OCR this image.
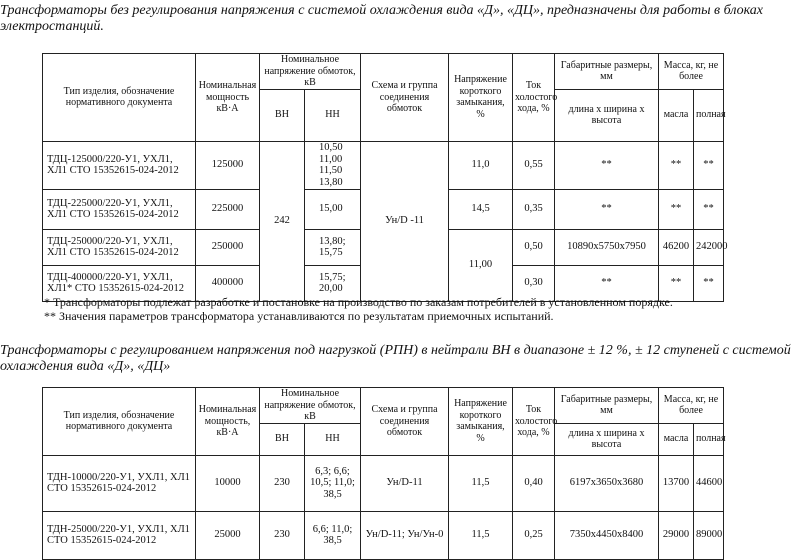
Трансформаторы без регулирования напряжения с системой охлаждения вида «Д», «ДЦ», предназначены для работы в блоках электростанций.

Тип изделия, обозначение нормативного документа	Номинальная мощность кВ·А	Номинальное напряжение обмоток, кВ		Схема и группа соединения обмоток	Напряжение короткого замыкания, %	Ток холостого хода, %	Габаритные размеры, мм	Масса, кг, не более	
		ВН	НН				длина х ширина х высота	масла	полная
ТДЦ-125000/220-У1, УХЛ1, ХЛ1 СТО 15352615-024-2012	125000	242	10,50 11,00 11,50 13,80	Ун/D -11	11,0	0,55	**	**	**
ТДЦ-225000/220-У1, УХЛ1, ХЛ1 СТО 15352615-024-2012	225000		15,00		14,5	0,35	**	**	**
ТДЦ-250000/220-У1, УХЛ1, ХЛ1 СТО 15352615-024-2012	250000		13,80; 15,75		11,00	0,50	10890х5750х7950	46200	242000
ТДЦ-400000/220-У1, УХЛ1, ХЛ1* СТО 15352615-024-2012	400000		15,75; 20,00			0,30	**	**	**
* Трансформаторы подлежат разработке и постановке на производство по заказам потребителей в установленном порядке.
** Значения параметров трансформатора устанавливаются по результатам приемочных испытаний.

Трансформаторы с регулированием напряжения под нагрузкой (РПН) в нейтрали ВН в диапазоне ± 12 %, ± 12 ступеней с системой охлаждения вида «Д», «ДЦ»

Тип изделия, обозначение нормативного документа	Номинальная мощность, кВ·А	Номинальное напряжение обмоток, кВ		Схема и группа соединения обмоток	Напряжение короткого замыкания, %	Ток холостого хода, %	Габаритные размеры, мм	Масса, кг, не более	
		ВН	НН				длина х ширина х высота	масла	полная
ТДН-10000/220-У1, УХЛ1, ХЛ1 СТО 15352615-024-2012	10000	230	6,3; 6,6; 10,5; 11,0; 38,5	Ун/D-11	11,5	0,40	6197х3650х3680	13700	44600
ТДН-25000/220-У1, УХЛ1, ХЛ1 СТО 15352615-024-2012	25000	230	6,6; 11,0; 38,5	Ун/D-11; Ун/Ун-0	11,5	0,25	7350х4450х8400	29000	89000
